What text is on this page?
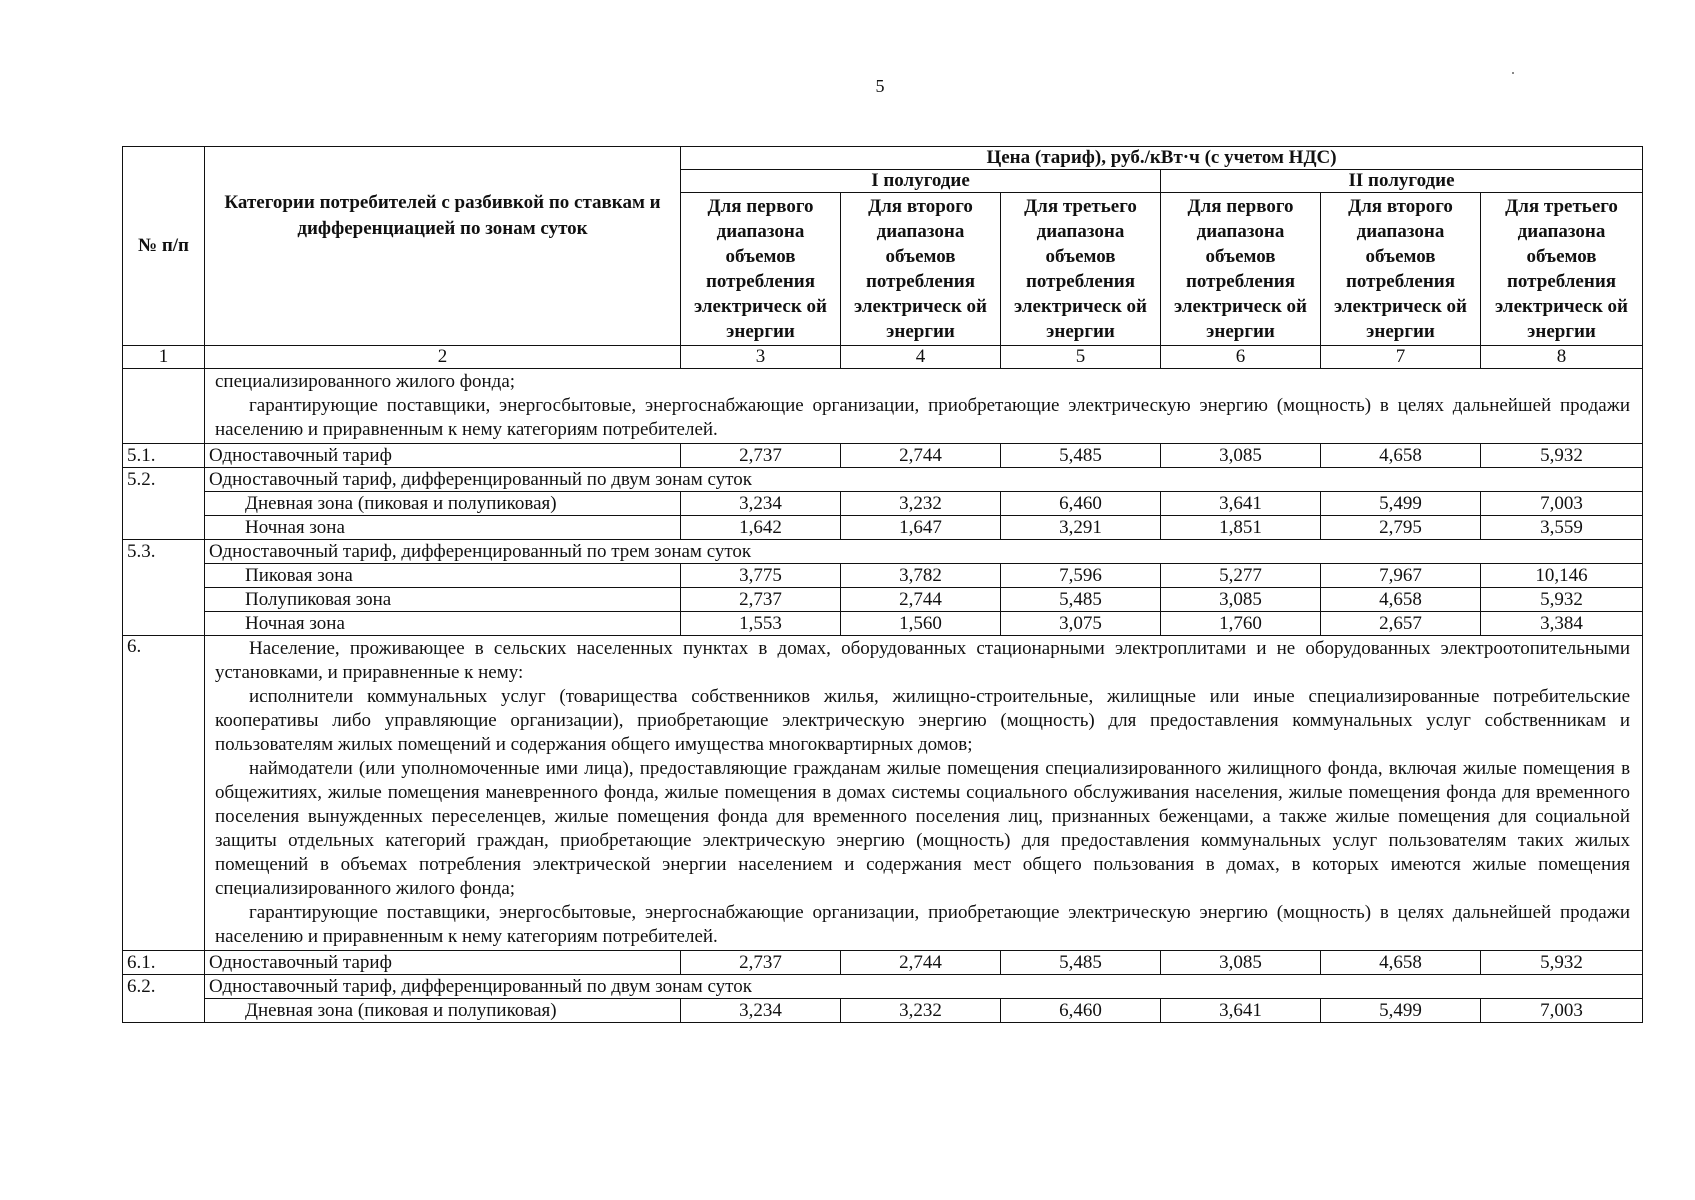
5
№ п/п	Категории потребителей с разбивкой по ставкам и дифференциацией по зонам суток	Цена (тариф), руб./кВт·ч (с учетом НДС)					
		I полугодие			II полугодие		
		Для первого диапазона объемов потребления электрическ ой энергии	Для второго диапазона объемов потребления электрическ ой энергии	Для третьего диапазона объемов потребления электрическ ой энергии	Для первого диапазона объемов потребления электрическ ой энергии	Для второго диапазона объемов потребления электрическ ой энергии	Для третьего диапазона объемов потребления электрическ ой энергии
1	2	3	4	5	6	7	8

	специализированного жилого фонда;

гарантирующие поставщики, энергосбытовые, энергоснабжающие организации, приобретающие электрическую энергию (мощность) в целях дальнейшей продажи населению и приравненным к нему категориям потребителей.						

5.1.	Одноставочный тариф	2,737	2,744	5,485	3,085	4,658	5,932
5.2.	Одноставочный тариф, дифференцированный по двум зонам суток						
	Дневная зона (пиковая и полупиковая)	3,234	3,232	6,460	3,641	5,499	7,003
	Ночная зона	1,642	1,647	3,291	1,851	2,795	3,559
5.3.	Одноставочный тариф, дифференцированный по трем зонам суток						
	Пиковая зона	3,775	3,782	7,596	5,277	7,967	10,146
	Полупиковая зона	2,737	2,744	5,485	3,085	4,658	5,932
	Ночная зона	1,553	1,560	3,075	1,760	2,657	3,384
6.	Население, проживающее в сельских населенных пунктах в домах, оборудованных стационарными электроплитами и не оборудованных электроотопительными установками, и приравненные к нему:

исполнители коммунальных услуг (товарищества собственников жилья, жилищно-строительные, жилищные или иные специализированные потребительские кооперативы либо управляющие организации), приобретающие электрическую энергию (мощность) для предоставления коммунальных услуг собственникам и пользователям жилых помещений и содержания общего имущества многоквартирных домов;

наймодатели (или уполномоченные ими лица), предоставляющие гражданам жилые помещения специализированного жилищного фонда, включая жилые помещения в общежитиях, жилые помещения маневренного фонда, жилые помещения в домах системы социального обслуживания населения, жилые помещения фонда для временного поселения вынужденных переселенцев, жилые помещения фонда для временного поселения лиц, признанных беженцами, а также жилые помещения для социальной защиты отдельных категорий граждан, приобретающие электрическую энергию (мощность) для предоставления коммунальных услуг пользователям таких жилых помещений в объемах потребления электрической энергии населением и содержания мест общего пользования в домах, в которых имеются жилые помещения специализированного жилого фонда;

гарантирующие поставщики, энергосбытовые, энергоснабжающие организации, приобретающие электрическую энергию (мощность) в целях дальнейшей продажи населению и приравненным к нему категориям потребителей.						

6.1.	Одноставочный тариф	2,737	2,744	5,485	3,085	4,658	5,932
6.2.	Одноставочный тариф, дифференцированный по двум зонам суток						
	Дневная зона (пиковая и полупиковая)	3,234	3,232	6,460	3,641	5,499	7,003
